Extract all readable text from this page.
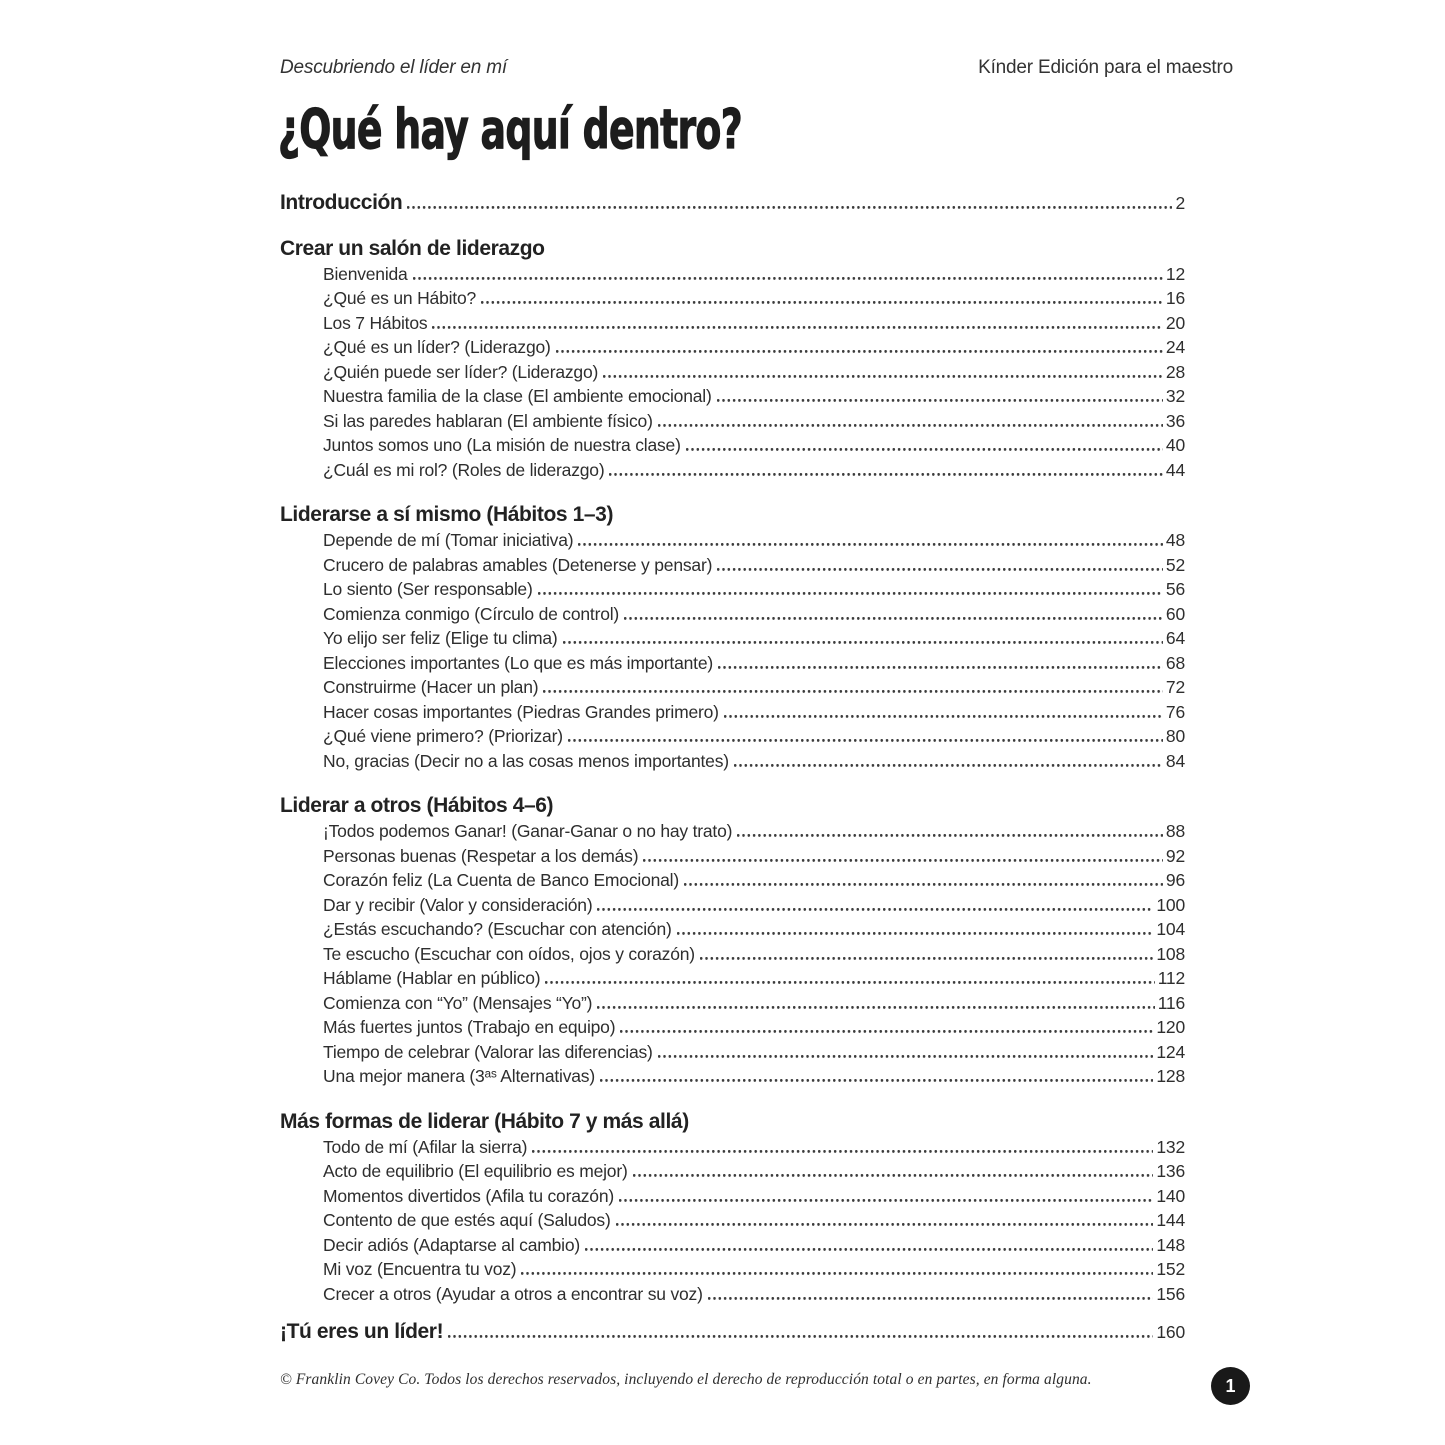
Descubriendo el líder en mí	Kínder Edición para el maestro
¿Qué hay aquí dentro?
Introducción	2
Crear un salón de liderazgo
Bienvenida	12
¿Qué es un Hábito?	16
Los 7 Hábitos	20
¿Qué es un líder? (Liderazgo)	24
¿Quién puede ser líder? (Liderazgo)	28
Nuestra familia de la clase (El ambiente emocional)	32
Si las paredes hablaran (El ambiente físico)	36
Juntos somos uno (La misión de nuestra clase)	40
¿Cuál es mi rol? (Roles de liderazgo)	44
Liderarse a sí mismo (Hábitos 1–3)
Depende de mí (Tomar iniciativa)	48
Crucero de palabras amables (Detenerse y pensar)	52
Lo siento (Ser responsable)	56
Comienza conmigo (Círculo de control)	60
Yo elijo ser feliz (Elige tu clima)	64
Elecciones importantes (Lo que es más importante)	68
Construirme (Hacer un plan)	72
Hacer cosas importantes (Piedras Grandes primero)	76
¿Qué viene primero? (Priorizar)	80
No, gracias (Decir no a las cosas menos importantes)	84
Liderar a otros (Hábitos 4–6)
¡Todos podemos Ganar! (Ganar-Ganar o no hay trato)	88
Personas buenas (Respetar a los demás)	92
Corazón feliz (La Cuenta de Banco Emocional)	96
Dar y recibir (Valor y consideración)	100
¿Estás escuchando? (Escuchar con atención)	104
Te escucho (Escuchar con oídos, ojos y corazón)	108
Háblame (Hablar en público)	112
Comienza con “Yo” (Mensajes “Yo”)	116
Más fuertes juntos (Trabajo en equipo)	120
Tiempo de celebrar (Valorar las diferencias)	124
Una mejor manera (3ᵃˢ Alternativas)	128
Más formas de liderar (Hábito 7 y más allá)
Todo de mí (Afilar la sierra)	132
Acto de equilibrio (El equilibrio es mejor)	136
Momentos divertidos (Afila tu corazón)	140
Contento de que estés aquí (Saludos)	144
Decir adiós (Adaptarse al cambio)	148
Mi voz (Encuentra tu voz)	152
Crecer a otros (Ayudar a otros a encontrar su voz)	156
¡Tú eres un líder!	160
© Franklin Covey Co. Todos los derechos reservados, incluyendo el derecho de reproducción total o en partes, en forma alguna.	1
